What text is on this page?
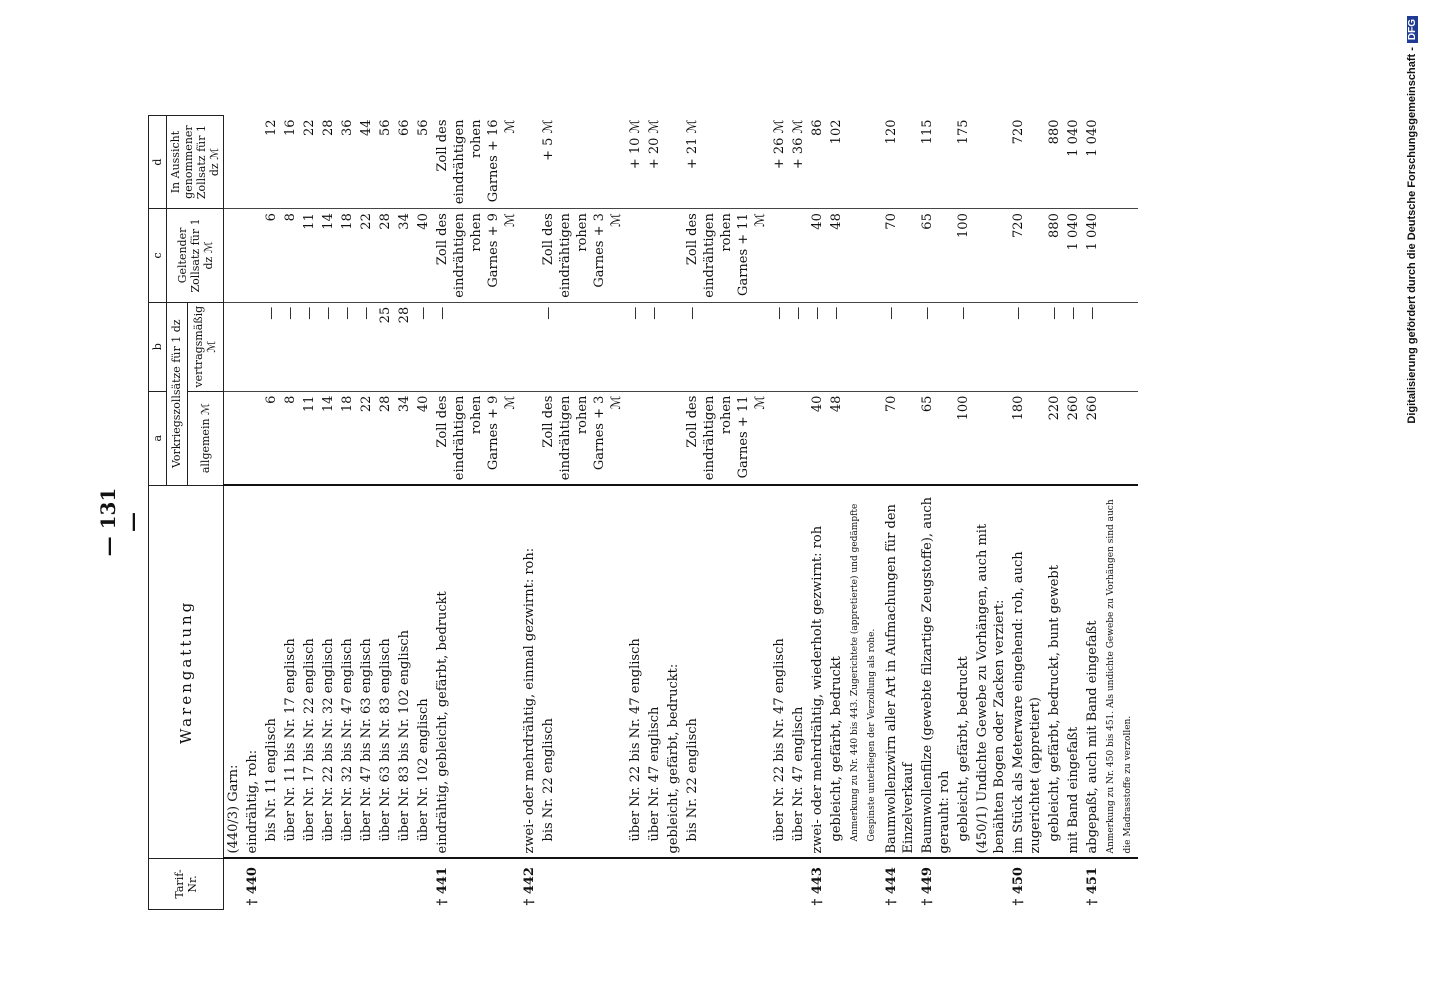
— 131 —
Digitalisierung gefördert durch die Deutsche Forschungsgemeinschaft -DFG
Tarif-Nr.	Warengattung	a	b	c	d
		Vorkriegszollsätze für 1 dz		Geltender Zollsatz für 1 dz ℳ	In Aussicht genommener Zollsatz für 1 dz ℳ
		allgemein ℳ	vertragsmäßig ℳ		
	(440/3) Garn:				
† 440	eindrähtig, roh:				
	bis Nr. 11 englisch	6	—	6	12
	über Nr. 11 bis Nr. 17 englisch	8	—	8	16
	über Nr. 17 bis Nr. 22 englisch	11	—	11	22
	über Nr. 22 bis Nr. 32 englisch	14	—	14	28
	über Nr. 32 bis Nr. 47 englisch	18	—	18	36
	über Nr. 47 bis Nr. 63 englisch	22	—	22	44
	über Nr. 63 bis Nr. 83 englisch	28	25	28	56
	über Nr. 83 bis Nr. 102 englisch	34	28	34	66
	über Nr. 102 englisch	40	—	40	56
† 441	eindrähtig, gebleicht, gefärbt, bedruckt	Zoll des eindrähtigen rohen Garnes + 9 ℳ	—	Zoll des eindrähtigen rohen Garnes + 9 ℳ	Zoll des eindrähtigen rohen Garnes + 16 ℳ
† 442	zwei- oder mehrdrähtig, einmal gezwirnt: roh:				
	bis Nr. 22 englisch	Zoll des eindrähtigen rohen Garnes + 3 ℳ	—	Zoll des eindrähtigen rohen Garnes + 3 ℳ	+ 5 ℳ
	über Nr. 22 bis Nr. 47 englisch		—		+ 10 ℳ
	über Nr. 47 englisch		—		+ 20 ℳ
	gebleicht, gefärbt, bedruckt:				
	bis Nr. 22 englisch	Zoll des eindrähtigen rohen Garnes + 11 ℳ	—	Zoll des eindrähtigen rohen Garnes + 11 ℳ	+ 21 ℳ
	über Nr. 22 bis Nr. 47 englisch		—		+ 26 ℳ
	über Nr. 47 englisch		—		+ 36 ℳ
† 443	zwei- oder mehrdrähtig, wiederholt gezwirnt: roh	40	—	40	86
	gebleicht, gefärbt, bedruckt	48	—	48	102
	Anmerkung zu Nr. 440 bis 443. Zugerichtete (appretierte) und gedämpfte Gespinste unterliegen der Verzollung als rohe.				
† 444	Baumwollenzwirn aller Art in Aufmachungen für den Einzelverkauf	70	—	70	120
† 449	Baumwollenfilze (gewebte filzartige Zeugstoffe), auch gerauht: roh	65	—	65	115
	gebleicht, gefärbt, bedruckt	100	—	100	175
	(450/1) Undichte Gewebe zu Vorhängen, auch mit benähten Bogen oder Zacken verziert:				
† 450	im Stück als Meterware eingehend: roh, auch zugerichtet (appretiert)	180	—	720	720
	gebleicht, gefärbt, bedruckt, bunt gewebt	220	—	880	880
	mit Band eingefaßt	260	—	1 040	1 040
† 451	abgepaßt, auch mit Band eingefaßt	260	—	1 040	1 040
	Anmerkung zu Nr. 450 bis 451. Als undichte Gewebe zu Vorhängen sind auch die Madrasstoffe zu verzollen.				
